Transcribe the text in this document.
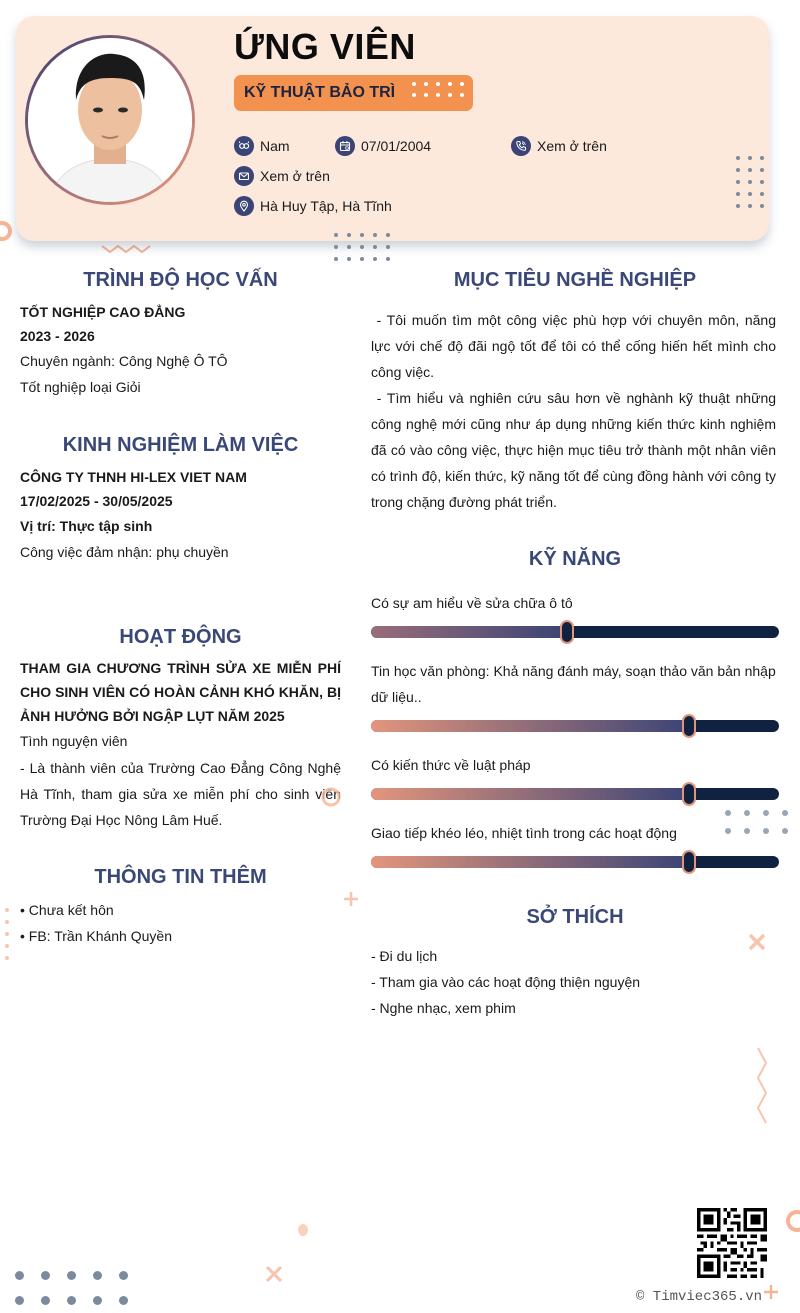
ỨNG VIÊN
KỸ THUẬT BẢO TRÌ
Nam	07/01/2004	Xem ở trên
Xem ở trên
Hà Huy Tập, Hà Tĩnh
TRÌNH ĐỘ HỌC VẤN
TỐT NGHIỆP CAO ĐẲNG
2023 - 2026
Chuyên ngành: Công Nghệ Ô TÔ
Tốt nghiệp loại Giỏi
KINH NGHIỆM LÀM VIỆC
CÔNG TY THNH HI-LEX VIET NAM
17/02/2025 - 30/05/2025
Vị trí: Thực tập sinh
Công việc đảm nhận: phụ chuyền
HOẠT ĐỘNG
THAM GIA CHƯƠNG TRÌNH SỬA XE MIỄN PHÍ CHO SINH VIÊN CÓ HOÀN CẢNH KHÓ KHĂN, BỊ ẢNH HƯỞNG BỞI NGẬP LỤT NĂM 2025
Tình nguyện viên
- Là thành viên của Trường Cao Đẳng Công Nghệ Hà Tĩnh, tham gia sửa xe miễn phí cho sinh viên Trường Đại Học Nông Lâm Huế.
THÔNG TIN THÊM
• Chưa kết hôn
• FB: Trần Khánh Quyền
MỤC TIÊU NGHỀ NGHIỆP
- Tôi muốn tìm một công việc phù hợp với chuyên môn, năng lực với chế độ đãi ngộ tốt để tôi có thể cống hiến hết mình cho công việc.
- Tìm hiểu và nghiên cứu sâu hơn về nghành kỹ thuật những công nghệ mới cũng như áp dụng những kiến thức kinh nghiệm đã có vào công việc, thực hiện mục tiêu trở thành một nhân viên có trình độ, kiến thức, kỹ năng tốt để cùng đồng hành với công ty trong chặng đường phát triển.
KỸ NĂNG
Có sự am hiểu về sửa chữa ô tô
Tin học văn phòng: Khả năng đánh máy, soạn thảo văn bản nhập dữ liệu..
Có kiến thức về luật pháp
Giao tiếp khéo léo, nhiệt tình trong các hoạt động
SỞ THÍCH
- Đi du lịch
- Tham gia vào các hoạt động thiện nguyện
- Nghe nhạc, xem phim
© Timviec365.vn
